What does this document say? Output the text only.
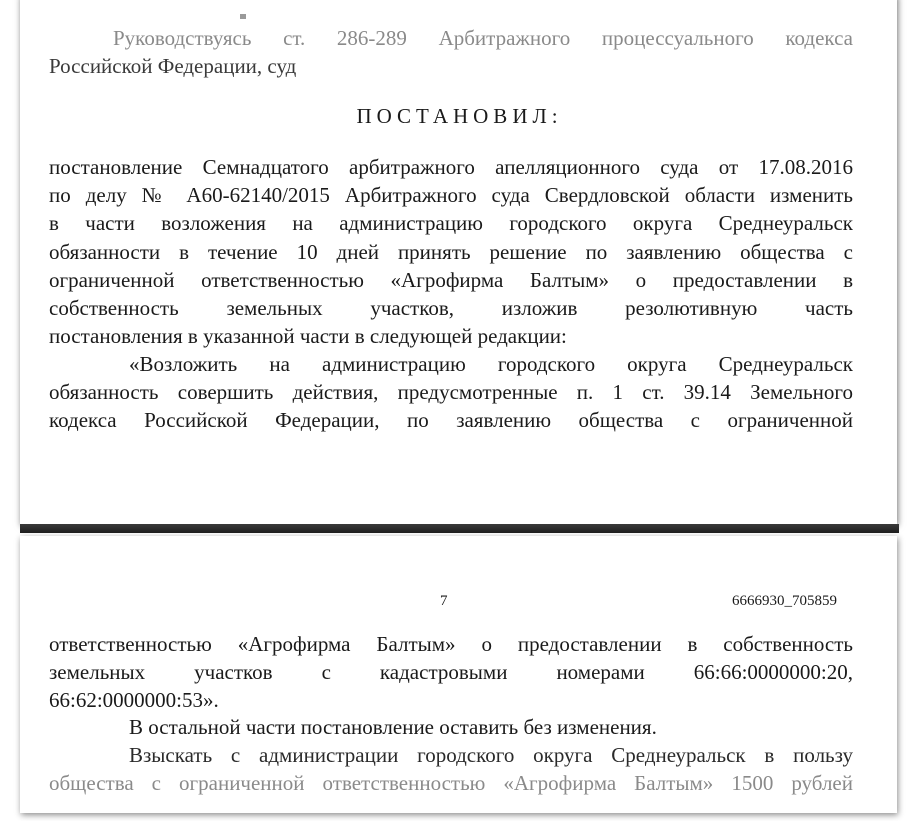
Руководствуясь ст. 286-289 Арбитражного процессуального кодекса
Российской Федерации, суд
ПОСТАНОВИЛ:
постановление Семнадцатого арбитражного апелляционного суда от 17.08.2016
по делу № А60-62140/2015 Арбитражного суда Свердловской области изменить
в части возложения на администрацию городского округа Среднеуральск
обязанности в течение 10 дней принять решение по заявлению общества с
ограниченной ответственностью «Агрофирма Балтым» о предоставлении в
собственность земельных участков, изложив резолютивную часть
постановления в указанной части в следующей редакции:
«Возложить на администрацию городского округа Среднеуральск
обязанность совершить действия, предусмотренные п. 1 ст. 39.14 Земельного
кодекса Российской Федерации, по заявлению общества с ограниченной
7	6666930_705859
ответственностью «Агрофирма Балтым» о предоставлении в собственность
земельных участков с кадастровыми номерами 66:66:0000000:20,
66:62:0000000:53».
В остальной части постановление оставить без изменения.
Взыскать с администрации городского округа Среднеуральск в пользу
общества с ограниченной ответственностью «Агрофирма Балтым» 1500 рублей
